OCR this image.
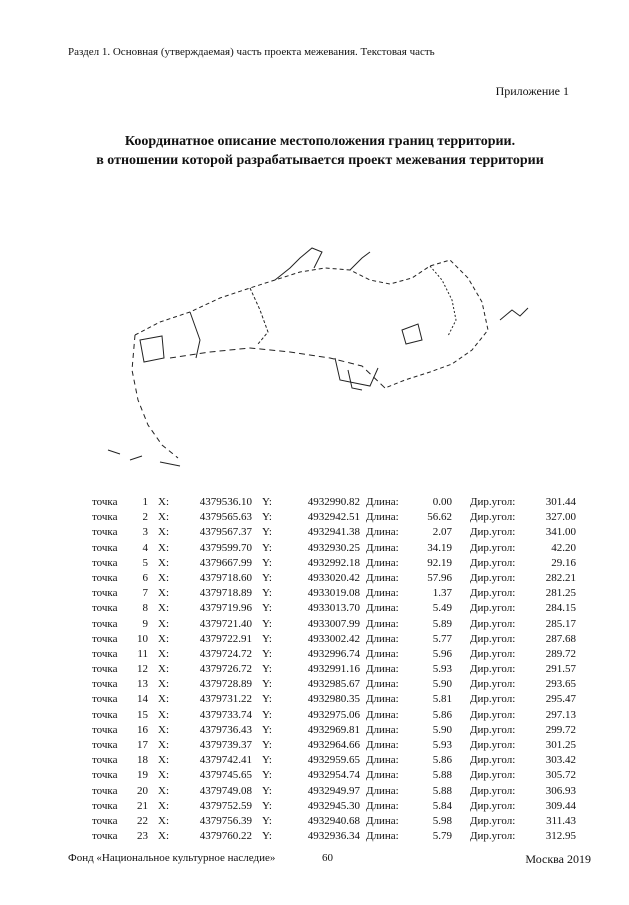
Раздел 1. Основная (утверждаемая) часть проекта межевания. Текстовая часть
Приложение 1
Координатное описание местоположения границ территории.
в отношении которой разрабатывается проект межевания территории
точка	1 X:	4379536.10 Y:	4932990.82 Длина:	0.00 Дир.угол:	301.44
точка	2 X:	4379565.63 Y:	4932942.51 Длина:	56.62 Дир.угол:	327.00
точка	3 X:	4379567.37 Y:	4932941.38 Длина:	2.07 Дир.угол:	341.00
точка	4 X:	4379599.70 Y:	4932930.25 Длина:	34.19 Дир.угол:	42.20
точка	5 X:	4379667.99 Y:	4932992.18 Длина:	92.19 Дир.угол:	29.16
точка	6 X:	4379718.60 Y:	4933020.42 Длина:	57.96 Дир.угол:	282.21
точка	7 X:	4379718.89 Y:	4933019.08 Длина:	1.37 Дир.угол:	281.25
точка	8 X:	4379719.96 Y:	4933013.70 Длина:	5.49 Дир.угол:	284.15
точка	9 X:	4379721.40 Y:	4933007.99 Длина:	5.89 Дир.угол:	285.17
точка	10 X:	4379722.91 Y:	4933002.42 Длина:	5.77 Дир.угол:	287.68
точка	11 X:	4379724.72 Y:	4932996.74 Длина:	5.96 Дир.угол:	289.72
точка	12 X:	4379726.72 Y:	4932991.16 Длина:	5.93 Дир.угол:	291.57
точка	13 X:	4379728.89 Y:	4932985.67 Длина:	5.90 Дир.угол:	293.65
точка	14 X:	4379731.22 Y:	4932980.35 Длина:	5.81 Дир.угол:	295.47
точка	15 X:	4379733.74 Y:	4932975.06 Длина:	5.86 Дир.угол:	297.13
точка	16 X:	4379736.43 Y:	4932969.81 Длина:	5.90 Дир.угол:	299.72
точка	17 X:	4379739.37 Y:	4932964.66 Длина:	5.93 Дир.угол:	301.25
точка	18 X:	4379742.41 Y:	4932959.65 Длина:	5.86 Дир.угол:	303.42
точка	19 X:	4379745.65 Y:	4932954.74 Длина:	5.88 Дир.угол:	305.72
точка	20 X:	4379749.08 Y:	4932949.97 Длина:	5.88 Дир.угол:	306.93
точка	21 X:	4379752.59 Y:	4932945.30 Длина:	5.84 Дир.угол:	309.44
точка	22 X:	4379756.39 Y:	4932940.68 Длина:	5.98 Дир.угол:	311.43
точка	23 X:	4379760.22 Y:	4932936.34 Длина:	5.79 Дир.угол:	312.95
Фонд «Национальное культурное наследие»	60	Москва 2019
